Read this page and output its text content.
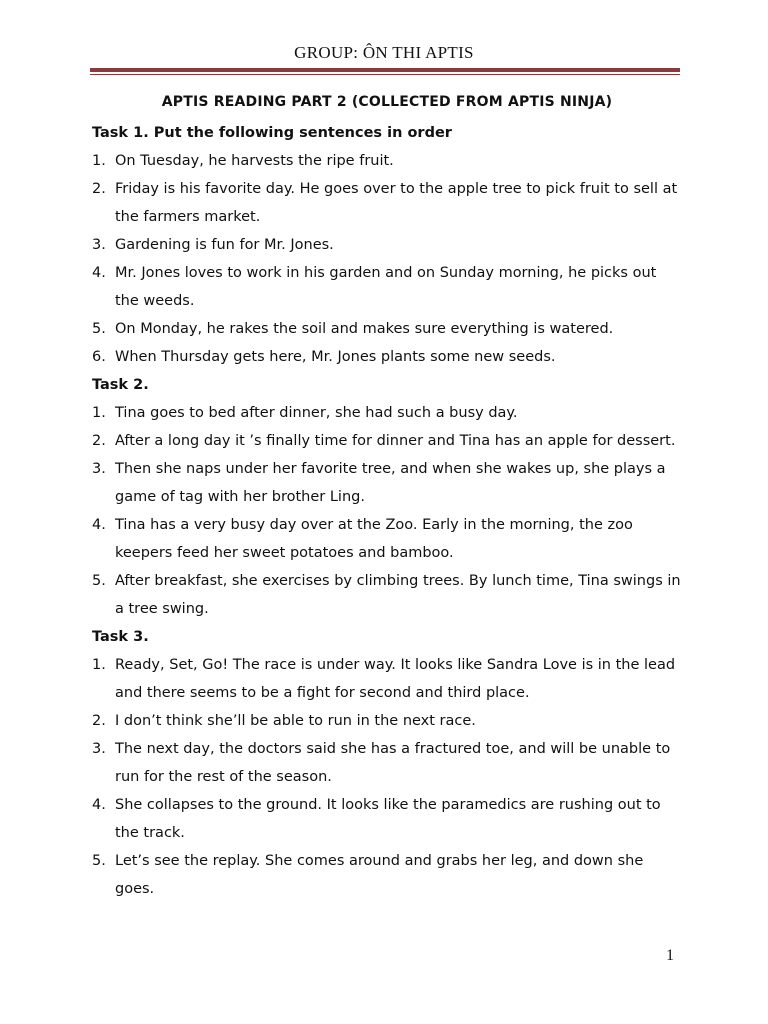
GROUP: ÔN THI APTIS
APTIS READING PART 2 (COLLECTED FROM APTIS NINJA)
Task 1. Put the following sentences in order
1. On Tuesday, he harvests the ripe fruit.
2. Friday is his favorite day. He goes over to the apple tree to pick fruit to sell at the farmers market.
3. Gardening is fun for Mr. Jones.
4. Mr. Jones loves to work in his garden and on Sunday morning, he picks out the weeds.
5. On Monday, he rakes the soil and makes sure everything is watered.
6. When Thursday gets here, Mr. Jones plants some new seeds.
Task 2.
1. Tina goes to bed after dinner, she had such a busy day.
2. After a long day it ’s finally time for dinner and Tina has an apple for dessert.
3. Then she naps under her favorite tree, and when she wakes up, she plays a game of tag with her brother Ling.
4. Tina has a very busy day over at the Zoo. Early in the morning, the zoo keepers feed her sweet potatoes and bamboo.
5. After breakfast, she exercises by climbing trees. By lunch time, Tina swings in a tree swing.
Task 3.
1. Ready, Set, Go! The race is under way. It looks like Sandra Love is in the lead and there seems to be a fight for second and third place.
2. I don’t think she’ll be able to run in the next race.
3. The next day, the doctors said she has a fractured toe, and will be unable to run for the rest of the season.
4. She collapses to the ground. It looks like the paramedics are rushing out to the track.
5. Let’s see the replay. She comes around and grabs her leg, and down she goes.
1
